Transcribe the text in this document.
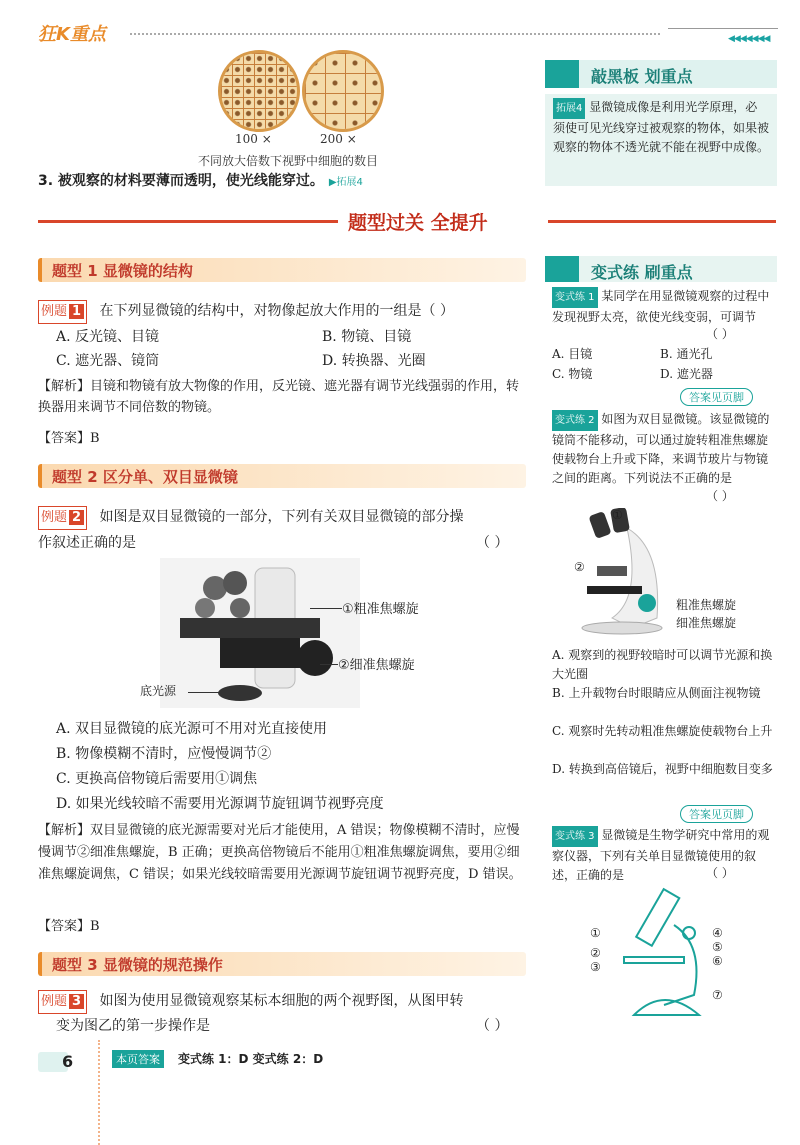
狂K重点	◀◀◀◀◀◀◀
100 ×	200 ×
不同放大倍数下视野中细胞的数目
3. 被观察的材料要薄而透明，使光线能穿过。 ▶拓展4
敲黑板 划重点
拓展4 显微镜成像是利用光学原理，必须使可见光线穿过被观察的物体，如果被观察的物体不透光就不能在视野中成像。
题型过关 全提升
题型 1 显微镜的结构
例题 1 在下列显微镜的结构中，对物像起放大作用的一组是（ ）
A. 反光镜、目镜	B. 物镜、目镜
C. 遮光器、镜筒	D. 转换器、光圈
【解析】目镜和物镜有放大物像的作用，反光镜、遮光器有调节光线强弱的作用，转换器用来调节不同倍数的物镜。
【答案】B
题型 2 区分单、双目显微镜
例题 2 如图是双目显微镜的一部分，下列有关双目显微镜的部分操
作叙述正确的是	（ ）
①粗准焦螺旋
②细准焦螺旋
底光源
A. 双目显微镜的底光源可不用对光直接使用
B. 物像模糊不清时，应慢慢调节②
C. 更换高倍物镜后需要用①调焦
D. 如果光线较暗不需要用光源调节旋钮调节视野亮度
【解析】双目显微镜的底光源需要对光后才能使用，A 错误；物像模糊不清时，应慢慢调节②细准焦螺旋，B 正确；更换高倍物镜后不能用①粗准焦螺旋调焦，要用②细准焦螺旋调焦，C 错误；如果光线较暗需要用光源调节旋钮调节视野亮度，D 错误。
【答案】B
题型 3 显微镜的规范操作
例题 3 如图为使用显微镜观察某标本细胞的两个视野图，从图甲转
变为图乙的第一步操作是	（ ）
变式练 刷重点
变式练 1 某同学在用显微镜观察的过程中发现视野太亮，欲使光线变弱，可调节
（ ）
A. 目镜	B. 通光孔
C. 物镜	D. 遮光器
答案见页脚
变式练 2 如图为双目显微镜。该显微镜的镜筒不能移动，可以通过旋转粗准焦螺旋使载物台上升或下降，来调节玻片与物镜之间的距离。下列说法不正确的是
（ ）
①
②
粗准焦螺旋
细准焦螺旋
A. 观察到的视野较暗时可以调节光源和换大光圈
B. 上升载物台时眼睛应从侧面注视物镜
C. 观察时先转动粗准焦螺旋使载物台上升
D. 转换到高倍镜后，视野中细胞数目变多
答案见页脚
变式练 3 显微镜是生物学研究中常用的观察仪器，下列有关单目显微镜使用的叙述，正确的是	（ ）
①
②
③
④
⑤
⑥
⑦
6	本页答案	变式练 1：D 变式练 2：D
